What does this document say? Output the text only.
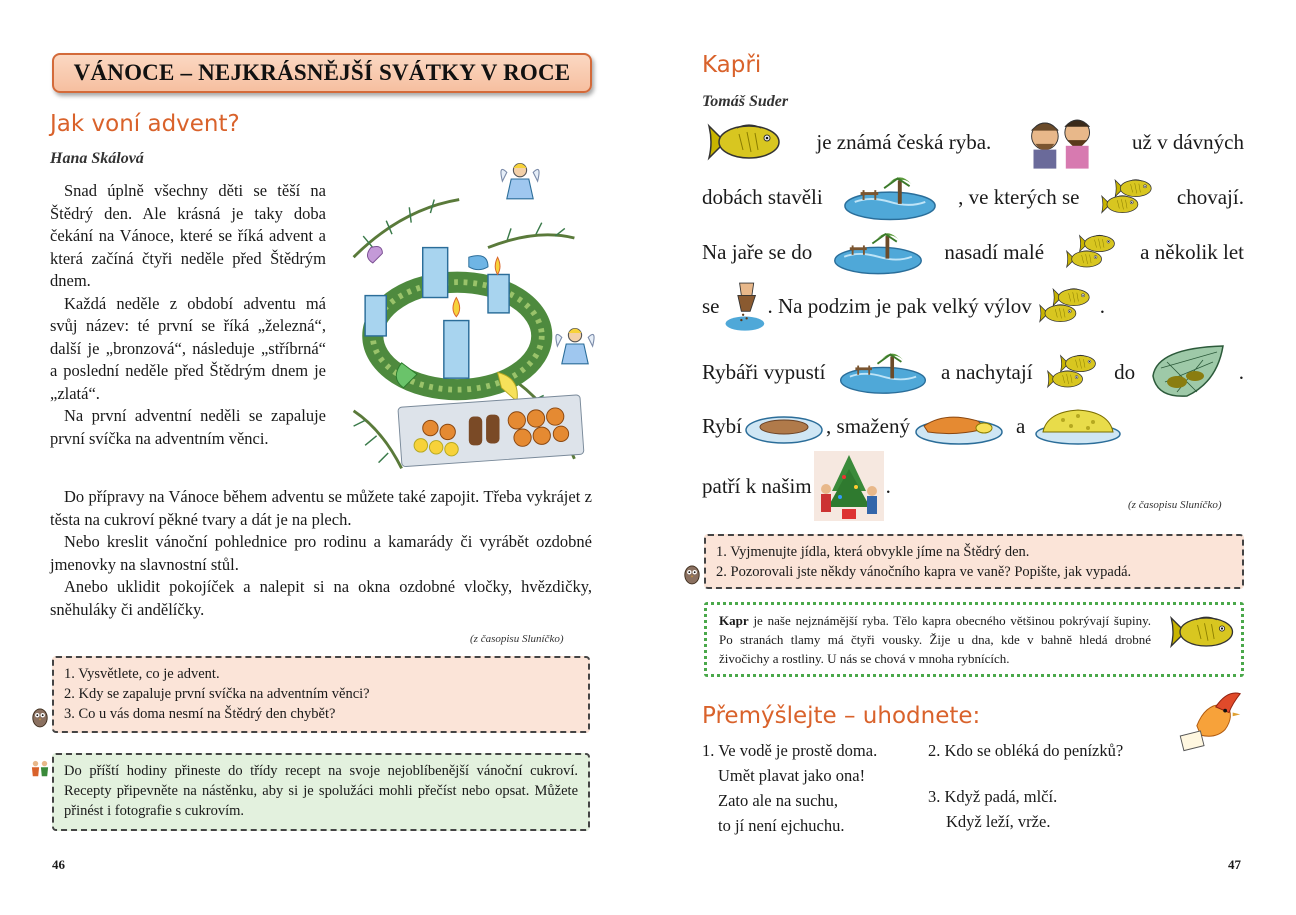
VÁNOCE – NEJKRÁSNĚJŠÍ SVÁTKY V ROCE
Jak voní advent?
Hana Skálová

Snad úplně všechny děti se těší na Štědrý den. Ale krásná je taky doba čekání na Vánoce, které se říká advent a která začíná čtyři neděle před Štědrým dnem.

Každá neděle z období adventu má svůj název: té první se říká „železná“, další je „bronzová“, následuje „stříbrná“ a poslední neděle před Štědrým dnem je „zlatá“.

Na první adventní neděli se zapaluje první svíčka na adventním věnci.

Do přípravy na Vánoce během adventu se můžete také zapojit. Třeba vykrájet z těsta na cukroví pěkné tvary a dát je na plech.

Nebo kreslit vánoční pohlednice pro rodinu a kamarády či vyrábět ozdobné jmenovky na slavnostní stůl.

Anebo uklidit pokojíček a nalepit si na okna ozdobné vločky, hvězdičky, sněhuláky či andělíčky.

(z časopisu Sluníčko)
1. Vysvětlete, co je advent.
2. Kdy se zapaluje první svíčka na adventním věnci?
3. Co u vás doma nesmí na Štědrý den chybět?
Do příští hodiny přineste do třídy recept na svoje nejoblíbenější vánoční cukroví. Recepty připevněte na nástěnku, aby si je spolužáci mohli přečíst nebo opsat. Můžete přinést i fotografie s cukrovím.
46
Kapři
Tomáš Suder
je známá česká ryba.	už v dávných
dobách stavěli	, ve kterých se	chovají.
Na jaře se do	nasadí malé	a několik let
se . Na podzim je pak velký výlov	.
Rybáři vypustí	a nachytají	do	.
Rybí	, smažený	a
patří k našim	.
(z časopisu Sluníčko)
1. Vyjmenujte jídla, která obvykle jíme na Štědrý den.
2. Pozorovali jste někdy vánočního kapra ve vaně? Popište, jak vypadá.
Kapr je naše nejznámější ryba. Tělo kapra obecného většinou pokrývají šupiny. Po stranách tlamy má čtyři vousky. Žije u dna, kde v bahně hledá drobné živočichy a rostliny. U nás se chová v mnoha rybnících.
Přemýšlejte – uhodnete:
1. Ve vodě je prostě doma.
Umět plavat jako ona!
Zato ale na suchu,
to jí není ejchuchu.
2. Kdo se obléká do penízků?
3. Když padá, mlčí.
Když leží, vrže.
47
